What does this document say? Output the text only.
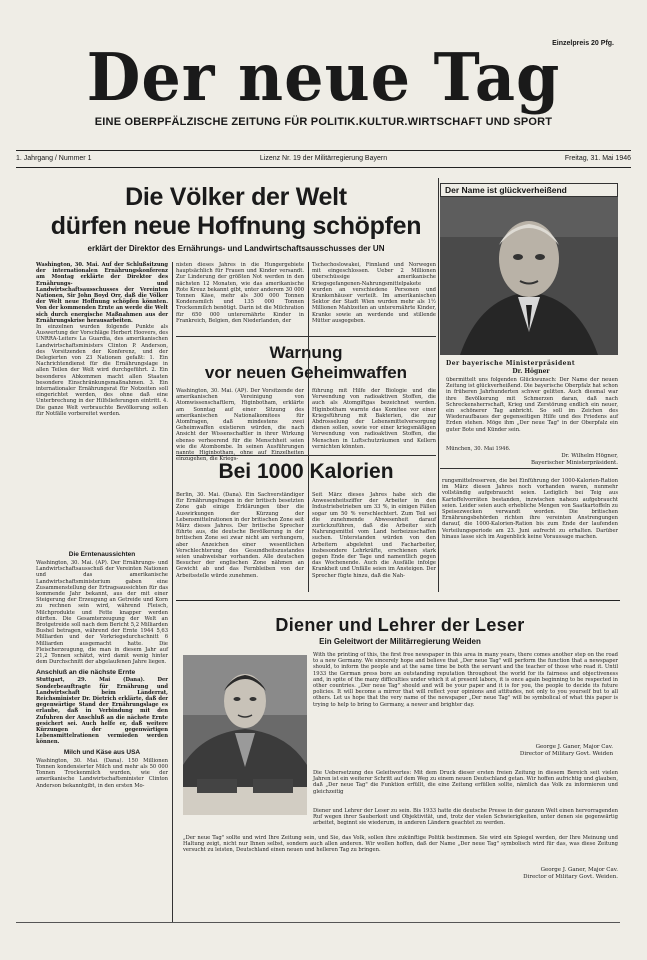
Einzelpreis 20 Pfg.
Der neue Tag
EINE OBERPFÄLZISCHE ZEITUNG FÜR POLITIK.KULTUR.WIRTSCHAFT UND SPORT
1. Jahrgang / Nummer 1	Lizenz Nr. 19 der Militärregierung Bayern	Freitag, 31. Mai 1946
Die Völker der Welt
dürfen neue Hoffnung schöpfen
erklärt der Direktor des Ernährungs- und Landwirtschaftsausschusses der UN
Washington, 30. Mai. Auf der Schlußsitzung der internationalen Ernährungskonferenz am Montag erklärte der Direktor des Ernährungs- und Landwirtschaftsausschusses der Vereinten Nationen, Sir John Boyd Orr, daß die Völker der Welt neue Hoffnung schöpfen könnten. Von der kommenden Ernte an werde die Welt sich durch energische Maßnahmen aus der Ernährungskrise herausarbeiten.
In einzelnen wurden folgende Punkte als Auswertung der Vorschläge Herbert Hoovers, des UNRRA-Leiters La Guardia, des amerikanischen Landwirtschaftsministers Clinton P. Anderson, des Vorsitzenden der Konferenz, und der Delegierten von 23 Nationen gefaßt: 1. Ein Nachrichtendienst für die Ernährungslage in allen Teilen der Welt wird durchgeführt. 2. Ein besonderes Abkommen macht allen Staaten besondere Einschränkungsmaßnahmen. 3. Ein internationaler Ernährungsrat für Notzeiten soll eingerichtet werden, des ohne daß eine Unterbrechung in der Hilfslieferungen eintritt. 4. Die ganze Welt verbrauchte Bevölkerung sollen für Notfälle vorbereitet werden.
nisten dieses Jahres in die Hungergebiete hauptsächlich für Frauen und Kinder versandt. Zur Linderung der größten Not werden in den nächsten 12 Monaten, wie das amerikanische Rote Kreuz bekannt gibt, unter anderem 30 000 Tonnen Käse, mehr als 300 000 Tonnen Kondensmilch und 135 000 Tonnen Trockenmilch benötigt. Darin ist die Milchration für 650 000 unterernährte Kinder in Frankreich, Belgien, den Niederlanden, der
Tschechoslowakei, Finnland und Norwegen mit eingeschlossen. Ueber 2 Millionen überschüssige amerikanische Kriegsgefangenen-Nahrungsmittelpakete wurden an verschiedene Personen und Krankenhäuser verteilt. Im amerikanischen Sektor der Stadt Wien wurden mehr als 1½ Millionen Mahlzeiten an unterernährte Kinder, Kranke sowie an werdende und stillende Mütter ausgegeben.
Warnung
vor neuen Geheimwaffen
Washington, 30. Mai. (AP). Der Vorsitzende der amerikanischen Vereinigung von Atomwissenschaftlern, Higinbotham, erklärte am Sonntag auf einer Sitzung des amerikanischen Nationalkomitees für Atomfragen, daß mindestens zwei Geheimwaffen existieren würden, die nach Ansicht der Wissenschaftler in ihrer Wirkung ebenso verheerend für die Menschheit seien wie die Atombombe. In seinen Ausführungen nannte Higinbotham, ohne auf Einzelheiten einzugehen, die Kriegs-
führung mit Hilfe der Biologie und die Verwendung von radioaktiven Stoffen, die auch als Atomgiftgas bezeichnet werden. Higinbotham warnte das Komitee vor einer Kriegsführung mit Bakterien, die zur Abdrosselung der Lebensmittelversorgung dienen sollen, sowie vor einer kriegsmäßigen Verwendung von radioaktiven Stoffen, die Menschen in Luftschutzräumen und Kellern vernichten könnten.
Bei 1000 Kalorien
Berlin, 30. Mai. (Dana). Ein Sachverständiger für Ernährungsfragen in der britisch besetzten Zone gab einige Erklärungen über die Auswirkungen der Kürzung der Lebensmittelrationen in der britischen Zone seit März dieses Jahres. Der britische Sprecher führte aus, die deutsche Bevölkerung in der britischen Zone sei zwar nicht am verhungern, aber Anzeichen einer wesentlichen Verschlechterung des Gesundheitszustandes seien unabweisbar vorhanden. Alle deutschen Besucher der englischen Zone nähmen an Gewicht ab und das Fernbleiben von der Arbeitsstelle würde zunehmen.
Seit März dieses Jahres habe sich die Anwesenheitsziffer der Arbeiter in den Industriebetrieben um 33 %, in einigen Fällen sogar um 50 % verschlechtert. Zum Teil sei die zunehmende Abwesenheit darauf zurückzuführen, daß die Arbeiter sich Nahrungsmittel vom Land herbeizuschaffen suchen. Unterstanden würden von den Arbeitern abgelehnt und Facharbeiter, insbesondere Lehrkräfte, erschienen stark gegen Ende der Tage und namentlich gegen das Wochenende. Auch die Ausfälle infolge Krankheit und Unfälle seien im Ansteigen. Der Sprecher fügte hinzu, daß die Nah-
rungsmittelreserven, die bei Einführung der 1000-Kalorien-Ration im März diesen Jahres noch vorhanden waren, nunmehr vollständig aufgebraucht seien. Lediglich bei Teig aus Kartoffelvorräten bestanden, inzwischen nahezu aufgebraucht seien. Leider seien auch erhebliche Mengen von Saatkartoffeln zu Speisezwecken verwandt worden. Die britischen Ernährungsbehörden richten ihre vereinten Anstrengungen darauf, die 1000-Kalorien-Ration bis zum Ende der laufenden Verteilungsperiode am 23. Juni aufrecht zu erhalten. Darüber hinaus lasse sich im Augenblick keine Voraussage machen.
Der Name ist glückverheißend
Der bayerische Ministerpräsident
Dr. Högner
übermittelt uns folgenden Glückwunsch: Der Name der neuen Zeitung ist glückverheißend. Die bayerische Oberpfalz hat schon in früheren Jahrhunderten schwer gelitten. Auch diesmal war ihre Bevölkerung mit Schmerzen daran, daß nach Schreckensherrschaft, Krieg und Zerstörung endlich ein neuer, ein schönerer Tag anbricht. So soll im Zeichen des Wiederaufbaues der gegenseitigen Hilfe und des Friedens auf Erden stehen. Möge ihm „Der neue Tag" in der Oberpfalz ein guter Bote und Künder sein.
München, 30. Mai 1946.
Dr. Wilhelm Högner,
Bayerischer Ministerpräsident.
Die Erntenaussichten
Washington, 30. Mai. (AP). Der Ernährungs- und Landwirtschaftsausschuß der Vereinten Nationen und das amerikanische Landwirtschaftsministerium gaben eine Zusammenstellung der Ertragsaussichten für das kommende Jahr bekannt, aus der mit einer Steigerung der Erzeugung an Getreide und Korn zu rechnen sein wird, während Fleisch, Milchprodukte und Fette knapper werden dürften. Die Gesamterzeugung der Welt an Brotgetreide soll nach dem Bericht 5,2 Milliarden Bushel betragen, während der Ernte 1944 5,63 Milliarden und der Vorkriegsdurchschnitt 6 Milliarden ausgemacht hatte. Die Fleischerzeugung, die man in diesem Jahr auf 21,2 Tonnen schätzt, wird damit wenig hinter dem Durchschnitt der abgelaufenen Jahre liegen.
Anschluß an die nächste Ernte
Stuttgart, 29. Mai (Dana). Der Sonderbeauftragte für Ernährung und Landwirtschaft beim Länderrat, Reichsminister Dr. Dietrich erklärte, daß der gegenwärtige Stand der Ernährungslage es erlaube, daß in Verbindung mit den Zufuhren der Anschluß an die nächste Ernte gesichert sei. Auch helfe er, daß weitere Kürzungen der gegenwärtigen Lebensmittelrationen vermieden werden können.
Milch und Käse aus USA
Washington, 30. Mai. (Dana). 150 Millionen Tonnen kondensierter Milch und mehr als 50 000 Tonnen Trockenmilch wurden, wie der amerikanische Landwirtschaftsminister Clinton Anderson bekanntgibt, in den ersten Mo-
Diener und Lehrer der Leser
Ein Geleitwort der Militärregierung Weiden
With the printing of this, the first free newspaper in this area in many years, there comes another step on the road to a new Germany. We sincerely hope and believe that „Der neue Tag" will perform the function that a newspaper should, to inform the people and at the same time be both the servant and the teacher of those who read it. Until 1933 the German press bore an outstanding reputation throughout the world for its fairness and objectiveness and, in spite of the many difficulties under which it at present labors, it is once again beginning to be respected in other countries. „Der neue Tag" should and will be your paper and it is for you, the people to decide its future policies. It will become a mirror that will reflect your opinions and attitudes, not only to you yourself but to all others. Let us hope that the very name of the newspaper „Der neue Tag" will be symbolical of what this paper is trying to help to bring to Germany, a newer and brighter day.
George J. Ganer, Major Cav.
Director of Military Govt. Weiden
Die Uebersetzung des Geleitwortes: Mit dem Druck dieser ersten freien Zeitung in diesem Bereich seit vielen Jahren ist ein weiterer Schritt auf dem Weg zu einem neuen Deutschland getan. Wir hoffen aufrichtig und glauben, daß „Der neue Tag" die Funktion erfüllt, die eine Zeitung erfüllen sollte, nämlich das Volk zu informieren und gleichzeitig
Diener und Lehrer der Leser zu sein. Bis 1933 hatte die deutsche Presse in der ganzen Welt einen hervorragenden Ruf wegen ihrer Sauberkeit und Objektivität, und, trotz der vielen Schwierigkeiten, unter denen sie gegenwärtig arbeitet, beginnt sie wiederum, in anderen Ländern geachtet zu werden.
„Der neue Tag" sollte und wird Ihre Zeitung sein, und Sie, das Volk, sollen ihre zukünftige Politik bestimmen. Sie wird ein Spiegel werden, der Ihre Meinung und Haltung zeigt, nicht nur Ihnen selbst, sondern auch allen anderen. Wir wollen hoffen, daß der Name „Der neue Tag" symbolisch wird für das, was diese Zeitung versucht zu leisten, Deutschland einen neuen und helleren Tag zu bringen.
George J. Ganer, Major Cav.
Director of Military Govt. Weiden.
